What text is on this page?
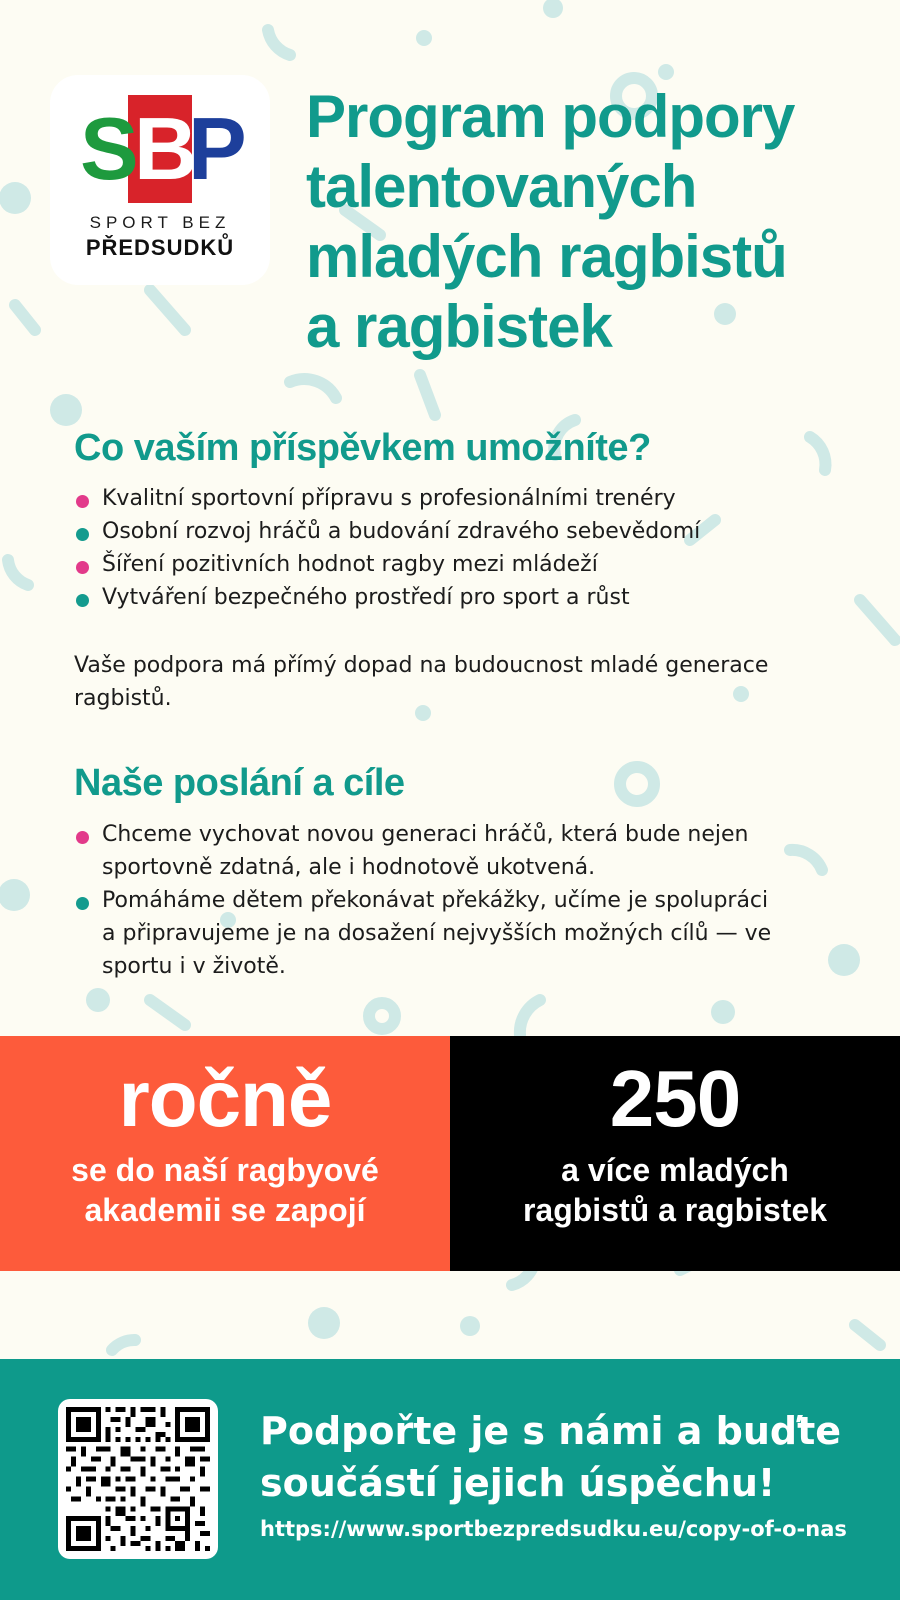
S
B
P
SPORT BEZ
PŘEDSUDKŮ
Program podpory
talentovaných
mladých ragbistů
a ragbistek
Co vaším příspěvkem umožníte?
Kvalitní sportovní přípravu s profesionálními trenéry
Osobní rozvoj hráčů a budování zdravého sebevědomí
Šíření pozitivních hodnot ragby mezi mládeží
Vytváření bezpečného prostředí pro sport a růst

Vaše podpora má přímý dopad na budoucnost mladé generace ragbistů.

Naše poslání a cíle
Chceme vychovat novou generaci hráčů, která bude nejen sportovně zdatná, ale i hodnotově ukotvená.
Pomáháme dětem překonávat překážky, učíme je spolupráci a připravujeme je na dosažení nejvyšších možných cílů — ve sportu i v životě.
ročně
se do naší ragbyové
akademii se zapojí
250
a více mladých
ragbistů a ragbistek

Podpořte je s námi a buďte
součástí jejich úspěchu!

https://www.sportbezpredsudku.eu/copy-of-o-nas
